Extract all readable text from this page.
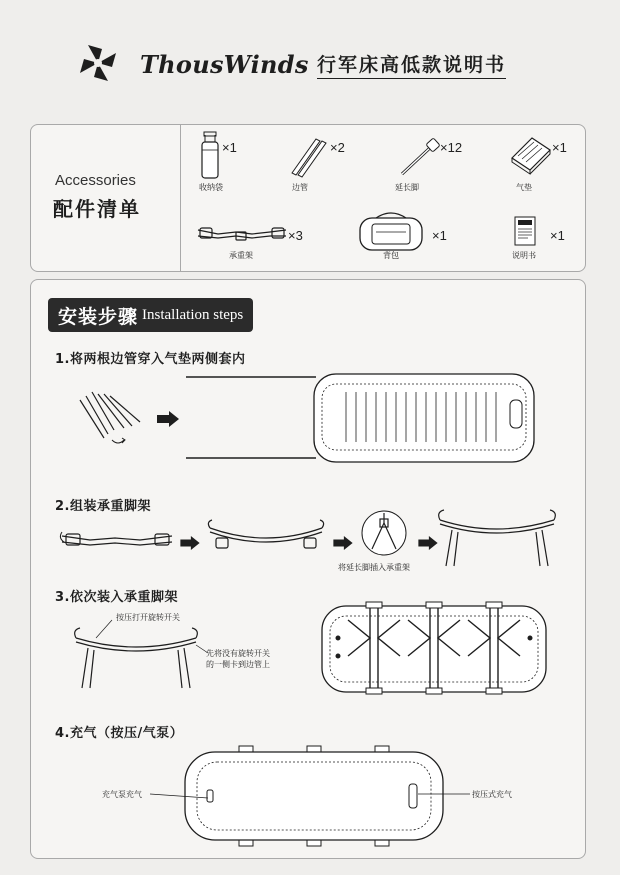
ThousWinds 行军床高低款说明书
Accessories
配件清单
×1
收纳袋
×2
边管
×12
延长脚
×1
气垫
×3
承重架
×1
背包
×1
说明书
安装步骤 Installation steps
1.将两根边管穿入气垫两侧套内
2.组装承重脚架
将延长脚插入承重架
3.依次装入承重脚架
按压打开旋转开关
先将没有旋转开关
的一侧卡到边管上
4.充气（按压/气泵）
充气泵充气	按压式充气
